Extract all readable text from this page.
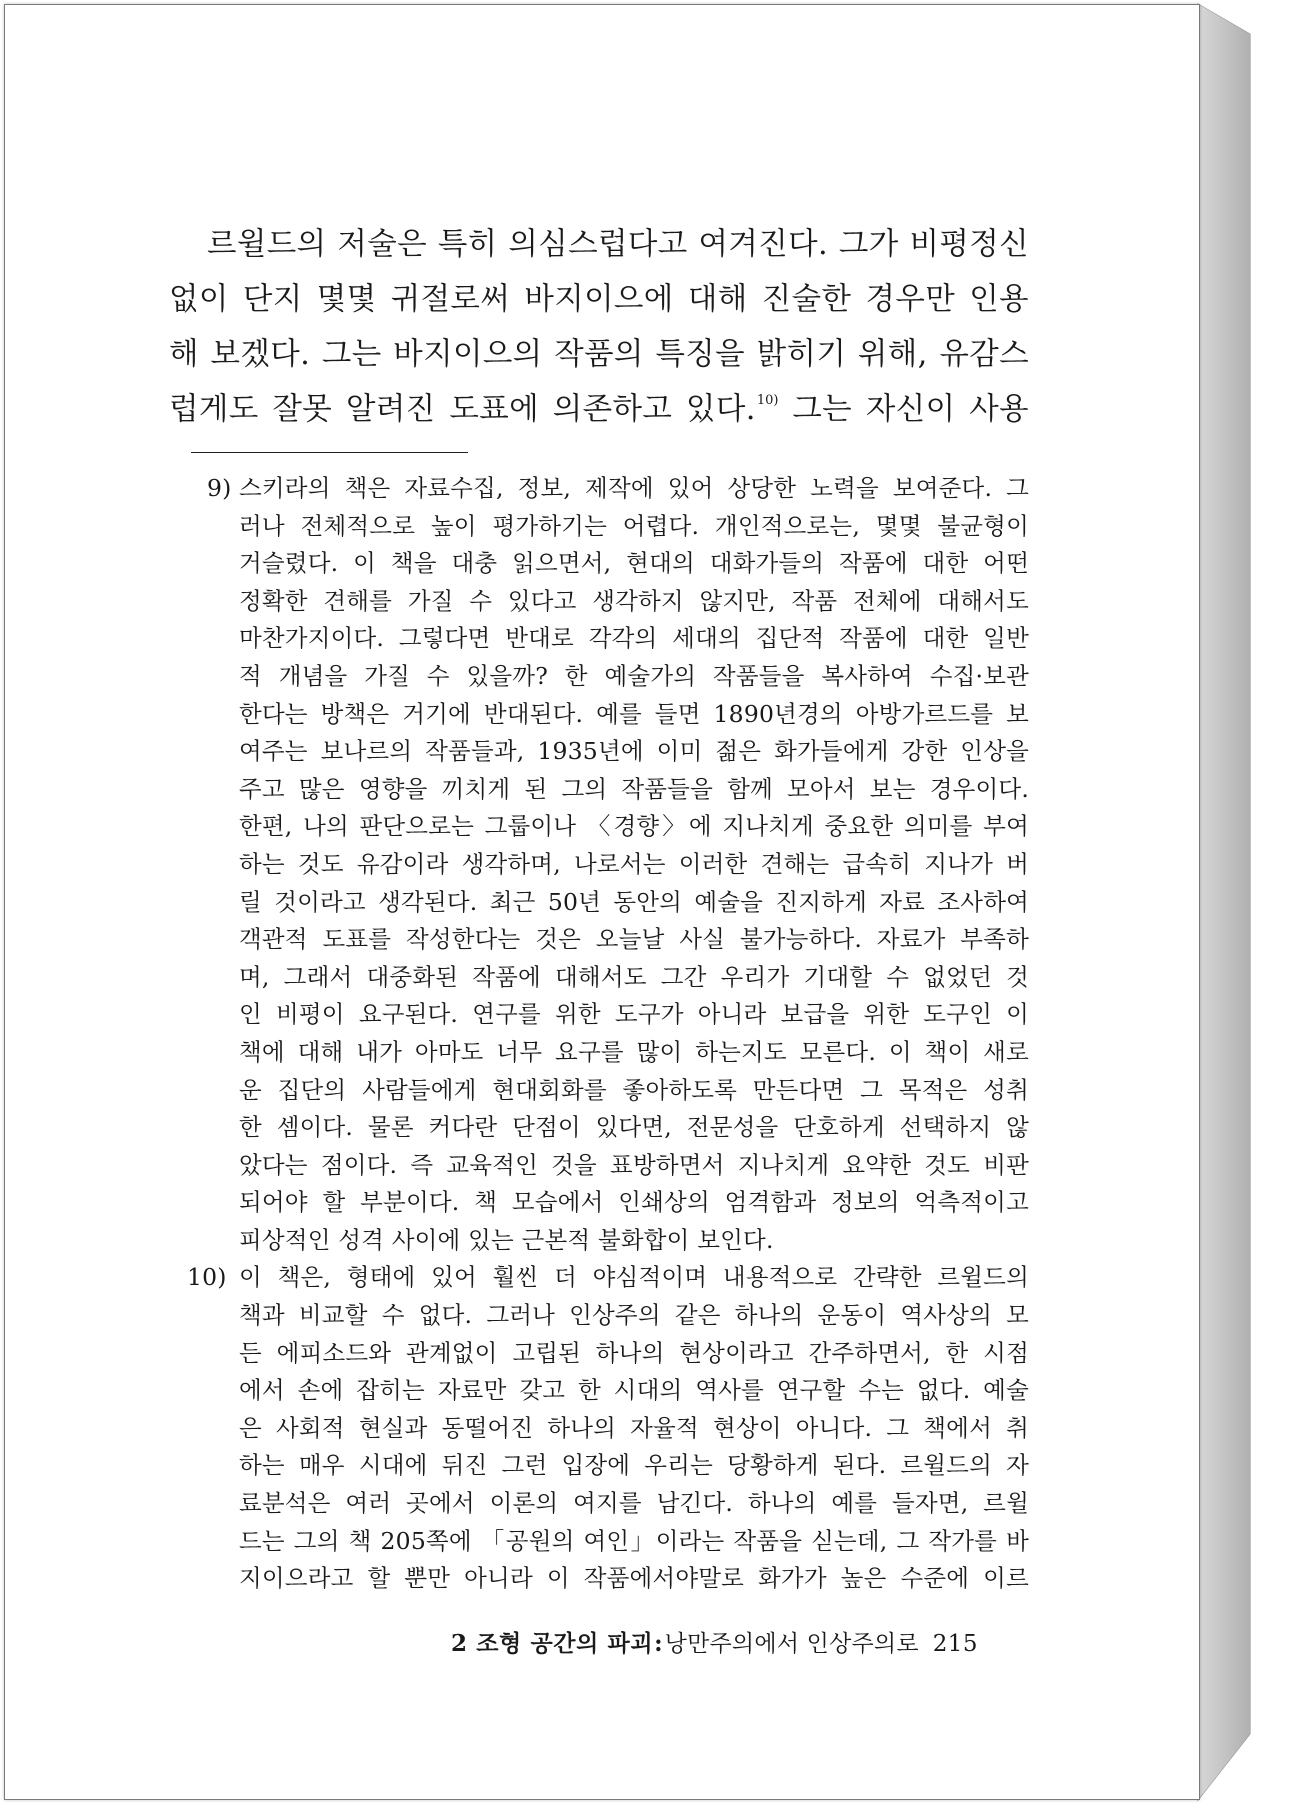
르윌드의 저술은 특히 의심스럽다고 여겨진다. 그가 비평정신
없이 단지 몇몇 귀절로써 바지이으에 대해 진술한 경우만 인용
해 보겠다. 그는 바지이으의 작품의 특징을 밝히기 위해, 유감스
럽게도 잘못 알려진 도표에 의존하고 있다.$^{10)}$ 그는 자신이 사용
9) 스키라의 책은 자료수집, 정보, 제작에 있어 상당한 노력을 보여준다. 그
러나 전체적으로 높이 평가하기는 어렵다. 개인적으로는, 몇몇 불균형이
거슬렸다. 이 책을 대충 읽으면서, 현대의 대화가들의 작품에 대한 어떤
정확한 견해를 가질 수 있다고 생각하지 않지만, 작품 전체에 대해서도
마찬가지이다. 그렇다면 반대로 각각의 세대의 집단적 작품에 대한 일반
적 개념을 가질 수 있을까? 한 예술가의 작품들을 복사하여 수집·보관
한다는 방책은 거기에 반대된다. 예를 들면 1890년경의 아방가르드를 보
여주는 보나르의 작품들과, 1935년에 이미 젊은 화가들에게 강한 인상을
주고 많은 영향을 끼치게 된 그의 작품들을 함께 모아서 보는 경우이다.
한편, 나의 판단으로는 그룹이나 〈경향〉에 지나치게 중요한 의미를 부여
하는 것도 유감이라 생각하며, 나로서는 이러한 견해는 급속히 지나가 버
릴 것이라고 생각된다. 최근 50년 동안의 예술을 진지하게 자료 조사하여
객관적 도표를 작성한다는 것은 오늘날 사실 불가능하다. 자료가 부족하
며, 그래서 대중화된 작품에 대해서도 그간 우리가 기대할 수 없었던 것
인 비평이 요구된다. 연구를 위한 도구가 아니라 보급을 위한 도구인 이
책에 대해 내가 아마도 너무 요구를 많이 하는지도 모른다. 이 책이 새로
운 집단의 사람들에게 현대회화를 좋아하도록 만든다면 그 목적은 성취
한 셈이다. 물론 커다란 단점이 있다면, 전문성을 단호하게 선택하지 않
았다는 점이다. 즉 교육적인 것을 표방하면서 지나치게 요약한 것도 비판
되어야 할 부분이다. 책 모습에서 인쇄상의 엄격함과 정보의 억측적이고
피상적인 성격 사이에 있는 근본적 불화합이 보인다.
10) 이 책은, 형태에 있어 훨씬 더 야심적이며 내용적으로 간략한 르윌드의
책과 비교할 수 없다. 그러나 인상주의 같은 하나의 운동이 역사상의 모
든 에피소드와 관계없이 고립된 하나의 현상이라고 간주하면서, 한 시점
에서 손에 잡히는 자료만 갖고 한 시대의 역사를 연구할 수는 없다. 예술
은 사회적 현실과 동떨어진 하나의 자율적 현상이 아니다. 그 책에서 취
하는 매우 시대에 뒤진 그런 입장에 우리는 당황하게 된다. 르윌드의 자
료분석은 여러 곳에서 이론의 여지를 남긴다. 하나의 예를 들자면, 르윌
드는 그의 책 205쪽에 「공원의 여인」이라는 작품을 싣는데, 그 작가를 바
지이으라고 할 뿐만 아니라 이 작품에서야말로 화가가 높은 수준에 이르
2 조형 공간의 파괴:낭만주의에서 인상주의로 215
